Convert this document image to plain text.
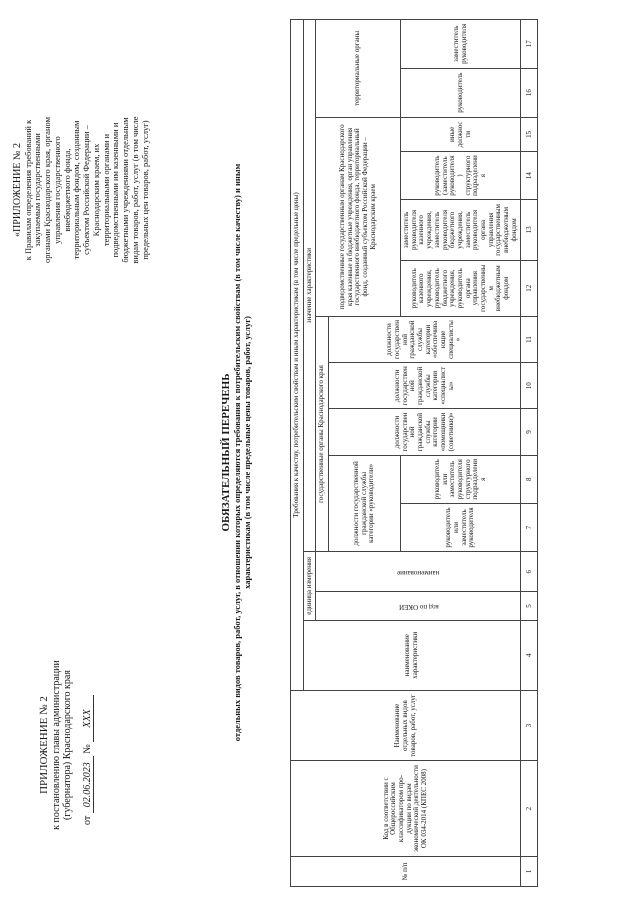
ПРИЛОЖЕНИЕ № 2 к постановлению главы администрации (губернатора) Краснодарского края
от 02.06.2023 № ХХХ
«ПРИЛОЖЕНИЕ № 2 к Правилам определения требований к закупаемым государственными органами Краснодарского края, органом управления государственного внебюджетного фонда, территориальным фондом, созданным субъектом Российской Федерации – Краснодарским краем, их территориальными органами и подведомственными им казенными и бюджетными учреждениями отдельным видам товаров, работ, услуг (в том числе предельных цен товаров, работ, услуг)
ОБЯЗАТЕЛЬНЫЙ ПЕРЕЧЕНЬ отдельных видов товаров, работ, услуг, в отношении которых определяются требования к потребительским свойствам (в том числе качеству) и иным характеристикам (в том числе предельные цены товаров, работ, услуг)
№ п/п	Код в соответствии с Общероссийским классификатором про-дукции по видам экономической деятельности ОК 034-2014 (КПЕС 2008)	Наименование отдельных видов товаров, работ, услуг	Требования к качеству, потребительским свойствам и иным характеристикам (в том числе предельные цены)													
			наименование характеристики	единица измерения		значение характеристики										

				код по ОКЕИ	наименование	государственные органы Краснодарского края					подведомственные государственным органам Краснодарского края казенные и бюджетные учреждения, орган управления государственного внебюджетного фонда, территориальный фонд, созданный субъектом Российской Федерации – Краснодарским краем				территориальные органы	
						должности государственной гражданской службы категории «руководители»		должности государственной гражданской службы категории «помощники (советники)»	должности государственной гражданской службы категории «специалисты»	должности государственной гражданской службы категории «обеспечивающие специалисты»						
						руководитель или заместитель руководителя	руководитель или заместитель руководителя структурного подразделения				руководитель казенного учреждения, руководитель бюджетного учреждения, руководитель органа управления государственным внебюджетным фондом	заместитель руководителя казенного учреждения, заместитель руководителя бюджетного учреждения, заместитель руководителя органа управления государственным внебюджетным фондом	руководитель (заместитель руководителя) структурного подразделения	иные должности	руководитель	заместитель руководителя
1	2	3	4	5	6	7	8	9	10	11	12	13	14	15	16	17
